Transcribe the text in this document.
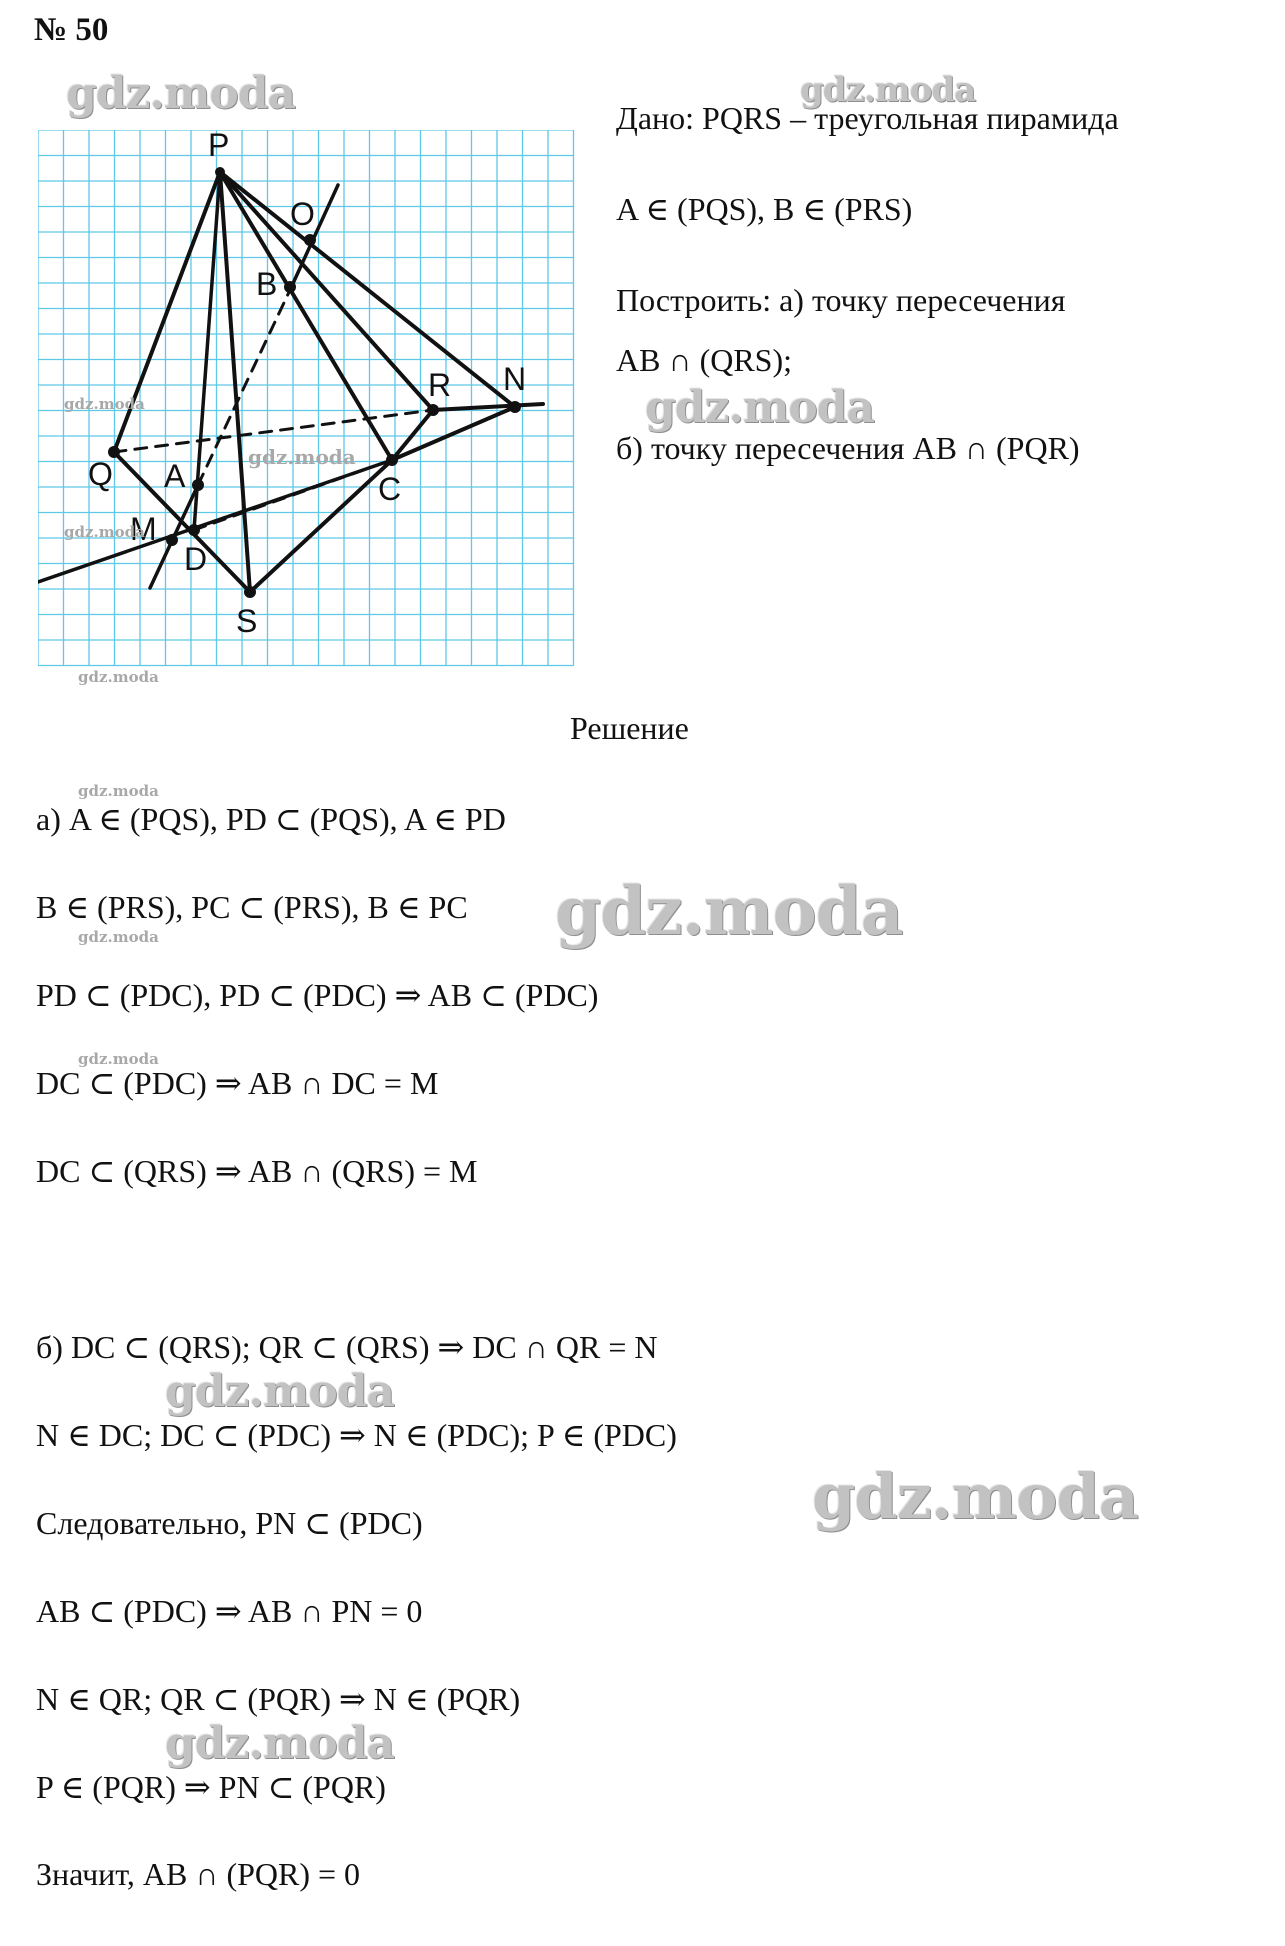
№ 50
Дано: PQRS – треугольная пирамида
A ∈ (PQS), B ∈ (PRS)
Построить: а) точку пересечения
AB ∩ (QRS);
б) точку пересечения AB ∩ (PQR)
P
O
B
R N
Q A	C
M
D
S
Решение
а) A ∈ (PQS), PD ⊂ (PQS), A ∈ PD
B ∈ (PRS), PC ⊂ (PRS), B ∈ PC
PD ⊂ (PDC), PD ⊂ (PDC) ⇒ AB ⊂ (PDC)
DC ⊂ (PDC) ⇒ AB ∩ DC = M
DC ⊂ (QRS) ⇒ AB ∩ (QRS) = M
б) DC ⊂ (QRS); QR ⊂ (QRS) ⇒ DC ∩ QR = N
N ∈ DC; DC ⊂ (PDC) ⇒ N ∈ (PDC); P ∈ (PDC)
Следовательно, PN ⊂ (PDC)
AB ⊂ (PDC) ⇒ AB ∩ PN = 0
N ∈ QR; QR ⊂ (PQR) ⇒ N ∈ (PQR)
P ∈ (PQR) ⇒ PN ⊂ (PQR)
Значит, AB ∩ (PQR) = 0
gdz.moda	gdz.moda
gdz.moda
gdz.moda
gdz.moda
gdz.moda
gdz.moda
gdz.moda
gdz.moda
gdz.moda
gdz.moda
gdz.moda
gdz.moda
gdz.moda
